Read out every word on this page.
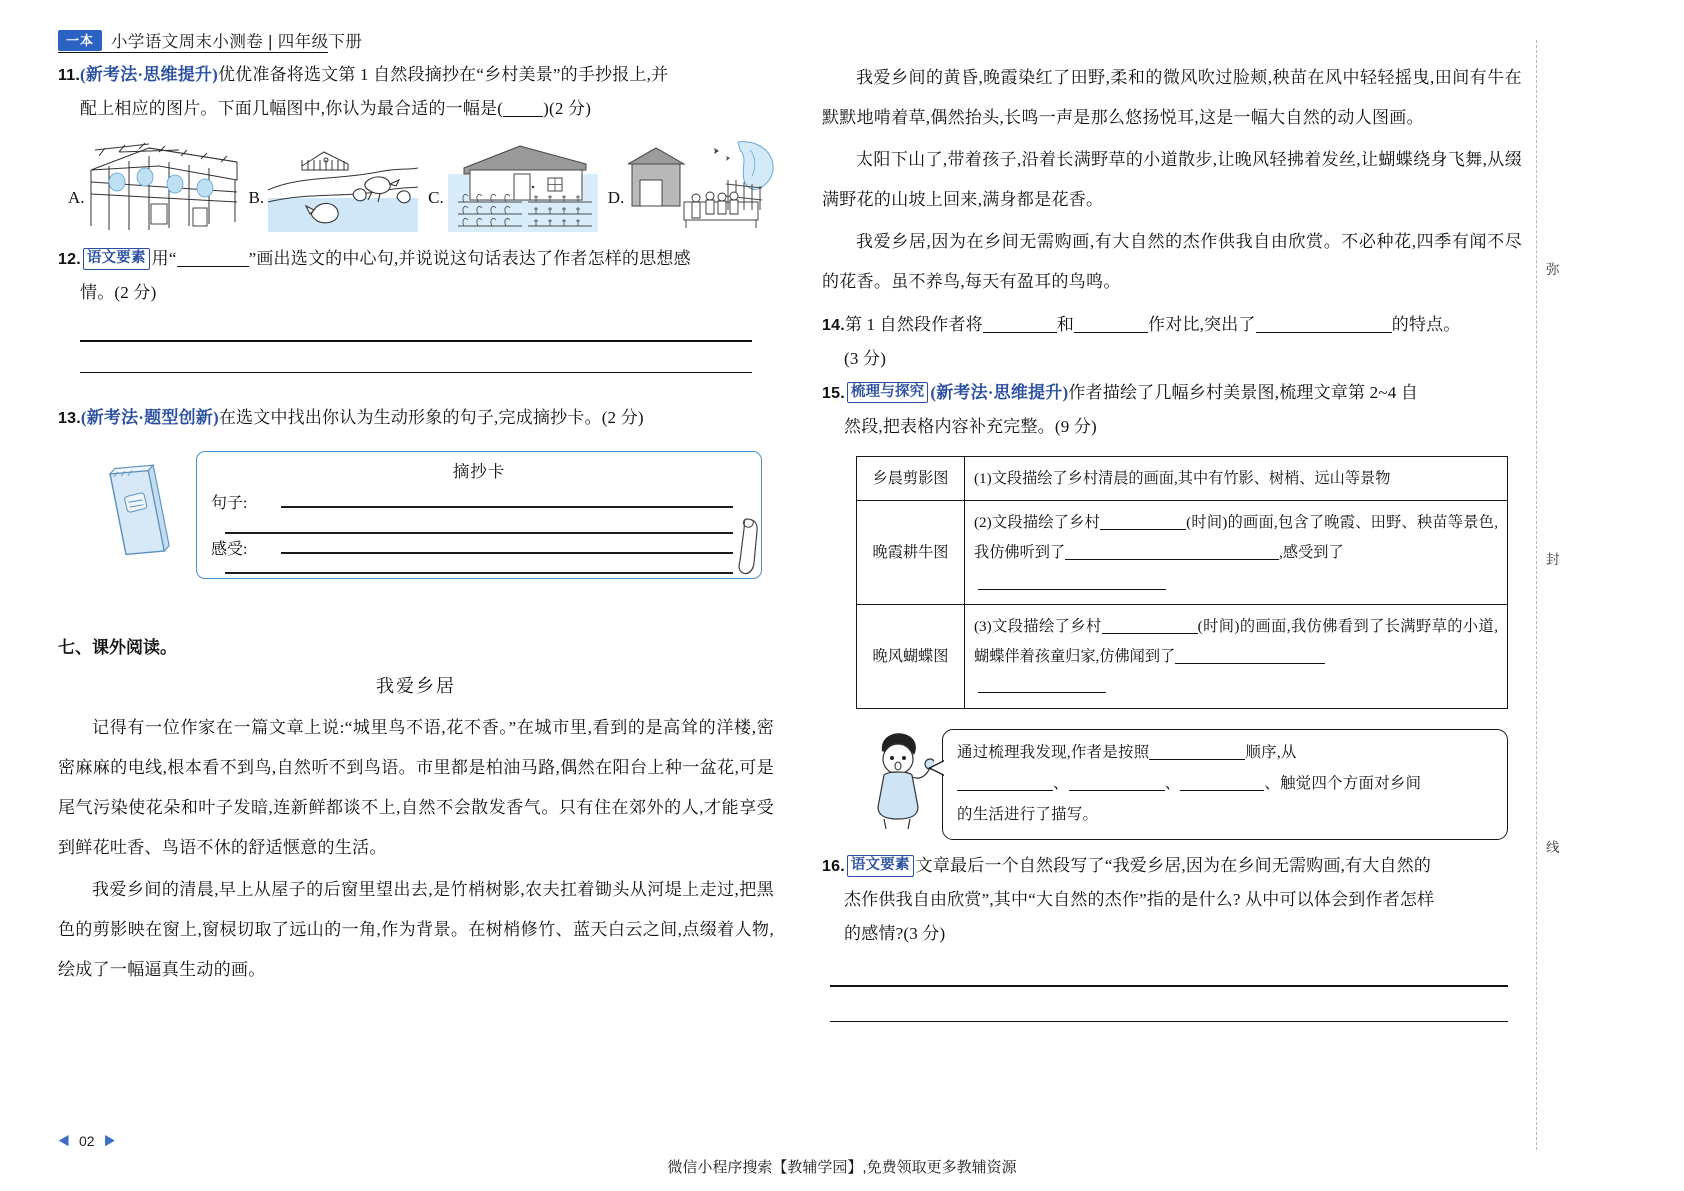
一本	小学语文周末小测卷 | 四年级下册
11.(新考法·思维提升)优优准备将选文第 1 自然段摘抄在“乡村美景”的手抄报上,并
配上相应的图片。下面几幅图中,你认为最合适的一幅是( )(2 分)
A.	B.	C.	D.
12. 语文要素 用“	”画出选文的中心句,并说说这句话表达了作者怎样的思想感
情。(2 分)
13.(新考法·题型创新)在选文中找出你认为生动形象的句子,完成摘抄卡。(2 分)
摘抄卡
句子:
感受:
七、课外阅读。
我爱乡居

记得有一位作家在一篇文章上说:“城里鸟不语,花不香。”在城市里,看到的是高耸的洋楼,密密麻麻的电线,根本看不到鸟,自然听不到鸟语。市里都是柏油马路,偶然在阳台上种一盆花,可是尾气污染使花朵和叶子发暗,连新鲜都谈不上,自然不会散发香气。只有住在郊外的人,才能享受到鲜花吐香、鸟语不休的舒适惬意的生活。

我爱乡间的清晨,早上从屋子的后窗里望出去,是竹梢树影,农夫扛着锄头从河堤上走过,把黑色的剪影映在窗上,窗棂切取了远山的一角,作为背景。在树梢修竹、蓝天白云之间,点缀着人物,绘成了一幅逼真生动的画。

我爱乡间的黄昏,晚霞染红了田野,柔和的微风吹过脸颊,秧苗在风中轻轻摇曳,田间有牛在默默地啃着草,偶然抬头,长鸣一声是那么悠扬悦耳,这是一幅大自然的动人图画。

太阳下山了,带着孩子,沿着长满野草的小道散步,让晚风轻拂着发丝,让蝴蝶绕身飞舞,从缀满野花的山坡上回来,满身都是花香。

我爱乡居,因为在乡间无需购画,有大自然的杰作供我自由欣赏。不必种花,四季有闻不尽的花香。虽不养鸟,每天有盈耳的鸟鸣。

14.第 1 自然段作者将	和	作对比,突出了	的特点。
(3 分)
15. 梳理与探究 (新考法·思维提升)作者描绘了几幅乡村美景图,梳理文章第 2~4 自
然段,把表格内容补充完整。(9 分)
乡晨剪影图	(1)文段描绘了乡村清晨的画面,其中有竹影、树梢、远山等景物
晚霞耕牛图	(2)文段描绘了乡村 (时间)的画面,包含了晚霞、田野、秧苗等景色,我仿佛听到了 ,感受到了

晚风蝴蝶图	(3)文段描绘了乡村 (时间)的画面,我仿佛看到了长满野草的小道,蝴蝶伴着孩童归家,仿佛闻到了
通过梳理我发现,作者是按照	顺序,从
、	、	、触觉四个方面对乡间
的生活进行了描写。
16. 语文要素 文章最后一个自然段写了“我爱乡居,因为在乡间无需购画,有大自然的
杰作供我自由欣赏”,其中“大自然的杰作”指的是什么? 从中可以体会到作者怎样
的感情?(3 分)
弥
封
线
◀ 02 ▶
微信小程序搜索【教辅学园】,免费领取更多教辅资源
